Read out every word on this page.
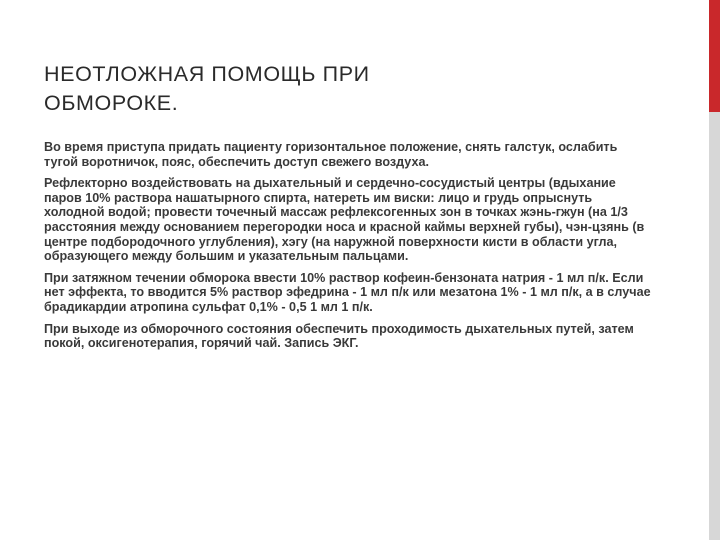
НЕОТЛОЖНАЯ ПОМОЩЬ ПРИ
ОБМОРОКЕ.

Во время приступа придать пациенту горизонтальное положение, снять галстук, ослабить тугой воротничок, пояс, обеспечить доступ свежего воздуха.

Рефлекторно воздействовать на дыхательный и сердечно-сосудистый центры (вдыхание паров 10% раствора нашатырного спирта, натереть им виски: лицо и грудь опрыснуть холодной водой; провести точечный массаж рефлексогенных зон в точках жэнь-гжун (на 1/3 расстояния между основанием перегородки носа и красной каймы верхней губы), чэн-цзянь (в центре подбородочного углубления), хэгу (на наружной поверхности кисти в области угла, образующего между большим и указательным пальцами.

При затяжном течении обморока ввести 10% раствор кофеин-бензоната натрия - 1 мл п/к. Если нет эффекта, то вводится 5% раствор эфедрина - 1 мл п/к или мезатона 1% - 1 мл п/к, а в случае брадикардии атропина сульфат 0,1% - 0,5 1 мл 1 п/к.

При выходе из обморочного состояния обеспечить проходимость дыхательных путей, затем покой, оксигенотерапия, горячий чай. Запись ЭКГ.
